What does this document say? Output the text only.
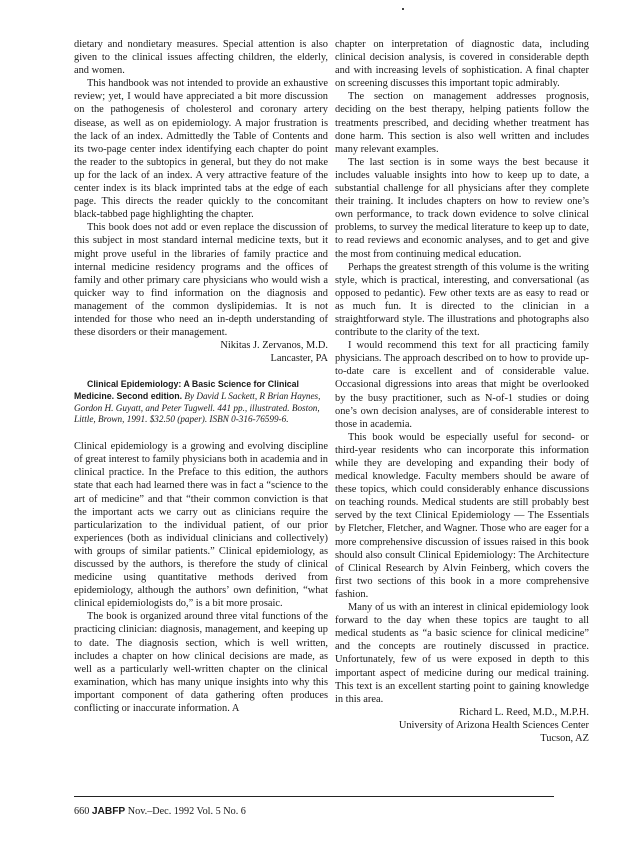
dietary and nondietary measures. Special attention is also given to the clinical issues affecting children, the elderly, and women.

This handbook was not intended to provide an exhaustive review; yet, I would have appreciated a bit more discussion on the pathogenesis of cholesterol and coronary artery disease, as well as on epidemiology. A major frustration is the lack of an index. Admittedly the Table of Contents and its two-page center index identifying each chapter do point the reader to the subtopics in general, but they do not make up for the lack of an index. A very attractive feature of the center index is its black imprinted tabs at the edge of each page. This directs the reader quickly to the concomitant black-tabbed page highlighting the chapter.

This book does not add or even replace the discussion of this subject in most standard internal medicine texts, but it might prove useful in the libraries of family practice and internal medicine residency programs and the offices of family and other primary care physicians who would wish a quicker way to find information on the diagnosis and management of the common dyslipidemias. It is not intended for those who need an in-depth understanding of these disorders or their management.

Nikitas J. Zervanos, M.D.

Lancaster, PA

Clinical Epidemiology: A Basic Science for Clinical Medicine. Second edition. By David L Sackett, R Brian Haynes, Gordon H. Guyatt, and Peter Tugwell. 441 pp., illustrated. Boston, Little, Brown, 1991. $32.50 (paper). ISBN 0-316-76599-6.

Clinical epidemiology is a growing and evolving discipline of great interest to family physicians both in academia and in clinical practice. In the Preface to this edition, the authors state that each had learned there was in fact a “science to the art of medicine” and that “their common conviction is that the important acts we carry out as clinicians require the particularization to the individual patient, of our prior experiences (both as individual clinicians and collectively) with groups of similar patients.” Clinical epidemiology, as discussed by the authors, is therefore the study of clinical medicine using quantitative methods derived from epidemiology, although the authors’ own definition, “what clinical epidemiologists do,” is a bit more prosaic.

The book is organized around three vital functions of the practicing clinician: diagnosis, management, and keeping up to date. The diagnosis section, which is well written, includes a chapter on how clinical decisions are made, as well as a particularly well-written chapter on the clinical examination, which has many unique insights into why this important component of data gathering often produces conflicting or inaccurate information. A

chapter on interpretation of diagnostic data, including clinical decision analysis, is covered in considerable depth and with increasing levels of sophistication. A final chapter on screening discusses this important topic admirably.

The section on management addresses prognosis, deciding on the best therapy, helping patients follow the treatments prescribed, and deciding whether treatment has done harm. This section is also well written and includes many relevant examples.

The last section is in some ways the best because it includes valuable insights into how to keep up to date, a substantial challenge for all physicians after they complete their training. It includes chapters on how to review one’s own performance, to track down evidence to solve clinical problems, to survey the medical literature to keep up to date, to read reviews and economic analyses, and to get and give the most from continuing medical education.

Perhaps the greatest strength of this volume is the writing style, which is practical, interesting, and conversational (as opposed to pedantic). Few other texts are as easy to read or as much fun. It is directed to the clinician in a straightforward style. The illustrations and photographs also contribute to the clarity of the text.

I would recommend this text for all practicing family physicians. The approach described on to how to provide up-to-date care is excellent and of considerable value. Occasional digressions into areas that might be overlooked by the busy practitioner, such as N-of-1 studies or doing one’s own decision analyses, are of considerable interest to those in academia.

This book would be especially useful for second- or third-year residents who can incorporate this information while they are developing and expanding their body of medical knowledge. Faculty members should be aware of these topics, which could considerably enhance discussions on teaching rounds. Medical students are still probably best served by the text Clinical Epidemiology — The Essentials by Fletcher, Fletcher, and Wagner. Those who are eager for a more comprehensive discussion of issues raised in this book should also consult Clinical Epidemiology: The Architecture of Clinical Research by Alvin Feinberg, which covers the first two sections of this book in a more comprehensive fashion.

Many of us with an interest in clinical epidemiology look forward to the day when these topics are taught to all medical students as “a basic science for clinical medicine” and the concepts are routinely discussed in practice. Unfortunately, few of us were exposed in depth to this important aspect of medicine during our medical training. This text is an excellent starting point to gaining knowledge in this area.

Richard L. Reed, M.D., M.P.H.

University of Arizona Health Sciences Center

Tucson, AZ

660 JABFP Nov.–Dec. 1992 Vol. 5 No. 6
